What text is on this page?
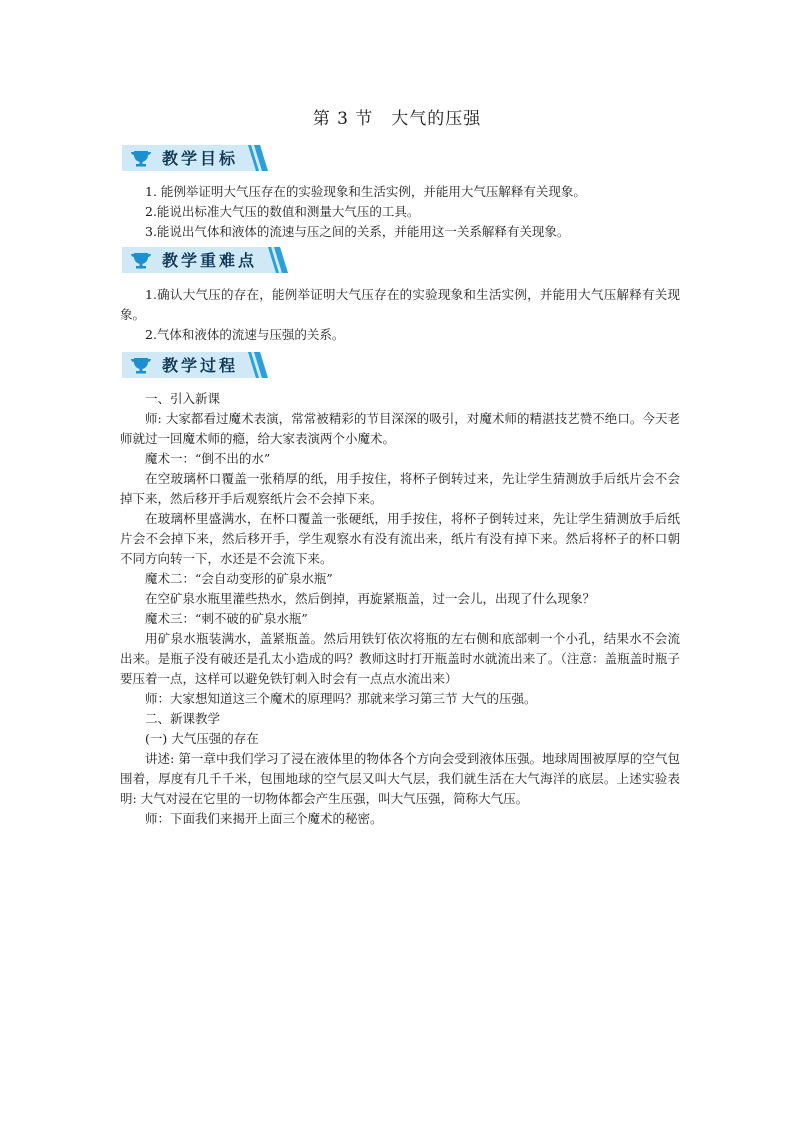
第 3 节　大气的压强
教学目标

1. 能例举证明大气压存在的实验现象和生活实例，并能用大气压解释有关现象。

2.能说出标准大气压的数值和测量大气压的工具。

3.能说出气体和液体的流速与压之间的关系，并能用这一关系解释有关现象。

教学重难点

1.确认大气压的存在，能例举证明大气压存在的实验现象和生活实例，并能用大气压解释有关现象。

2.气体和液体的流速与压强的关系。

教学过程

一、引入新课

师: 大家都看过魔术表演，常常被精彩的节目深深的吸引，对魔术师的精湛技艺赞不绝口。今天老师就过一回魔术师的瘾，给大家表演两个小魔术。

魔术一：“倒不出的水”

在空玻璃杯口覆盖一张稍厚的纸，用手按住，将杯子倒转过来，先让学生猜测放手后纸片会不会掉下来，然后移开手后观察纸片会不会掉下来。

在玻璃杯里盛满水，在杯口覆盖一张硬纸，用手按住，将杯子倒转过来，先让学生猜测放手后纸片会不会掉下来，然后移开手，学生观察水有没有流出来，纸片有没有掉下来。然后将杯子的杯口朝不同方向转一下，水还是不会流下来。

魔术二：“会自动变形的矿泉水瓶”

在空矿泉水瓶里灌些热水，然后倒掉，再旋紧瓶盖，过一会儿，出现了什么现象？

魔术三：“刺不破的矿泉水瓶”

用矿泉水瓶装满水，盖紧瓶盖。然后用铁钉依次将瓶的左右侧和底部刺一个小孔，结果水不会流出来。是瓶子没有破还是孔太小造成的吗？教师这时打开瓶盖时水就流出来了。（注意：盖瓶盖时瓶子要压着一点，这样可以避免铁钉刺入时会有一点点水流出来）

师：大家想知道这三个魔术的原理吗？那就来学习第三节 大气的压强。

二、新课教学

(一) 大气压强的存在

讲述: 第一章中我们学习了浸在液体里的物体各个方向会受到液体压强。地球周围被厚厚的空气包围着，厚度有几千千米，包围地球的空气层又叫大气层，我们就生活在大气海洋的底层。上述实验表明: 大气对浸在它里的一切物体都会产生压强，叫大气压强，简称大气压。

师：下面我们来揭开上面三个魔术的秘密。
